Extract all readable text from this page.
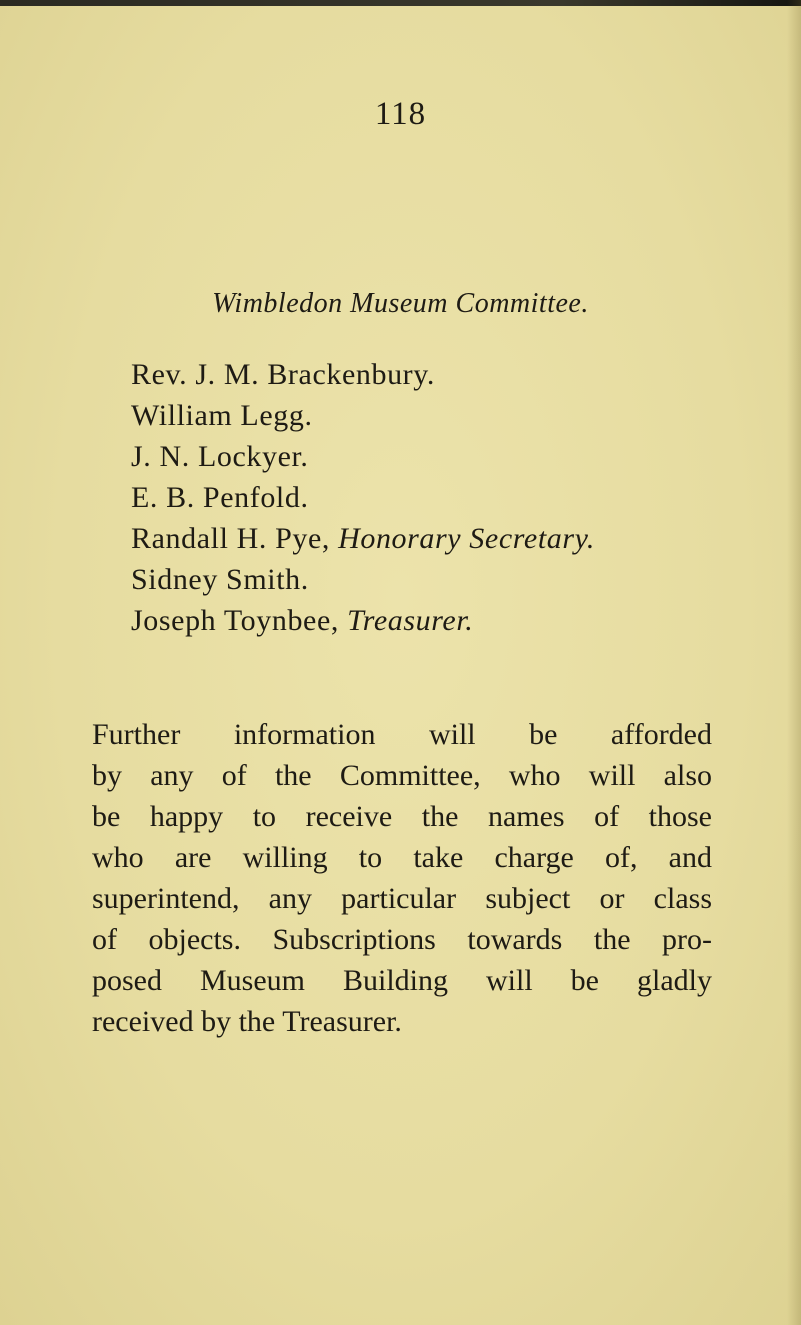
118
Wimbledon Museum Committee.
Rev. J. M. Brackenbury.
William Legg.
J. N. Lockyer.
E. B. Penfold.
Randall H. Pye, Honorary Secretary.
Sidney Smith.
Joseph Toynbee, Treasurer.

Further information will be afforded
by any of the Committee, who will also
be happy to receive the names of those
who are willing to take charge of, and
superintend, any particular subject or class
of objects. Subscriptions towards the pro-
posed Museum Building will be gladly
received by the Treasurer.
